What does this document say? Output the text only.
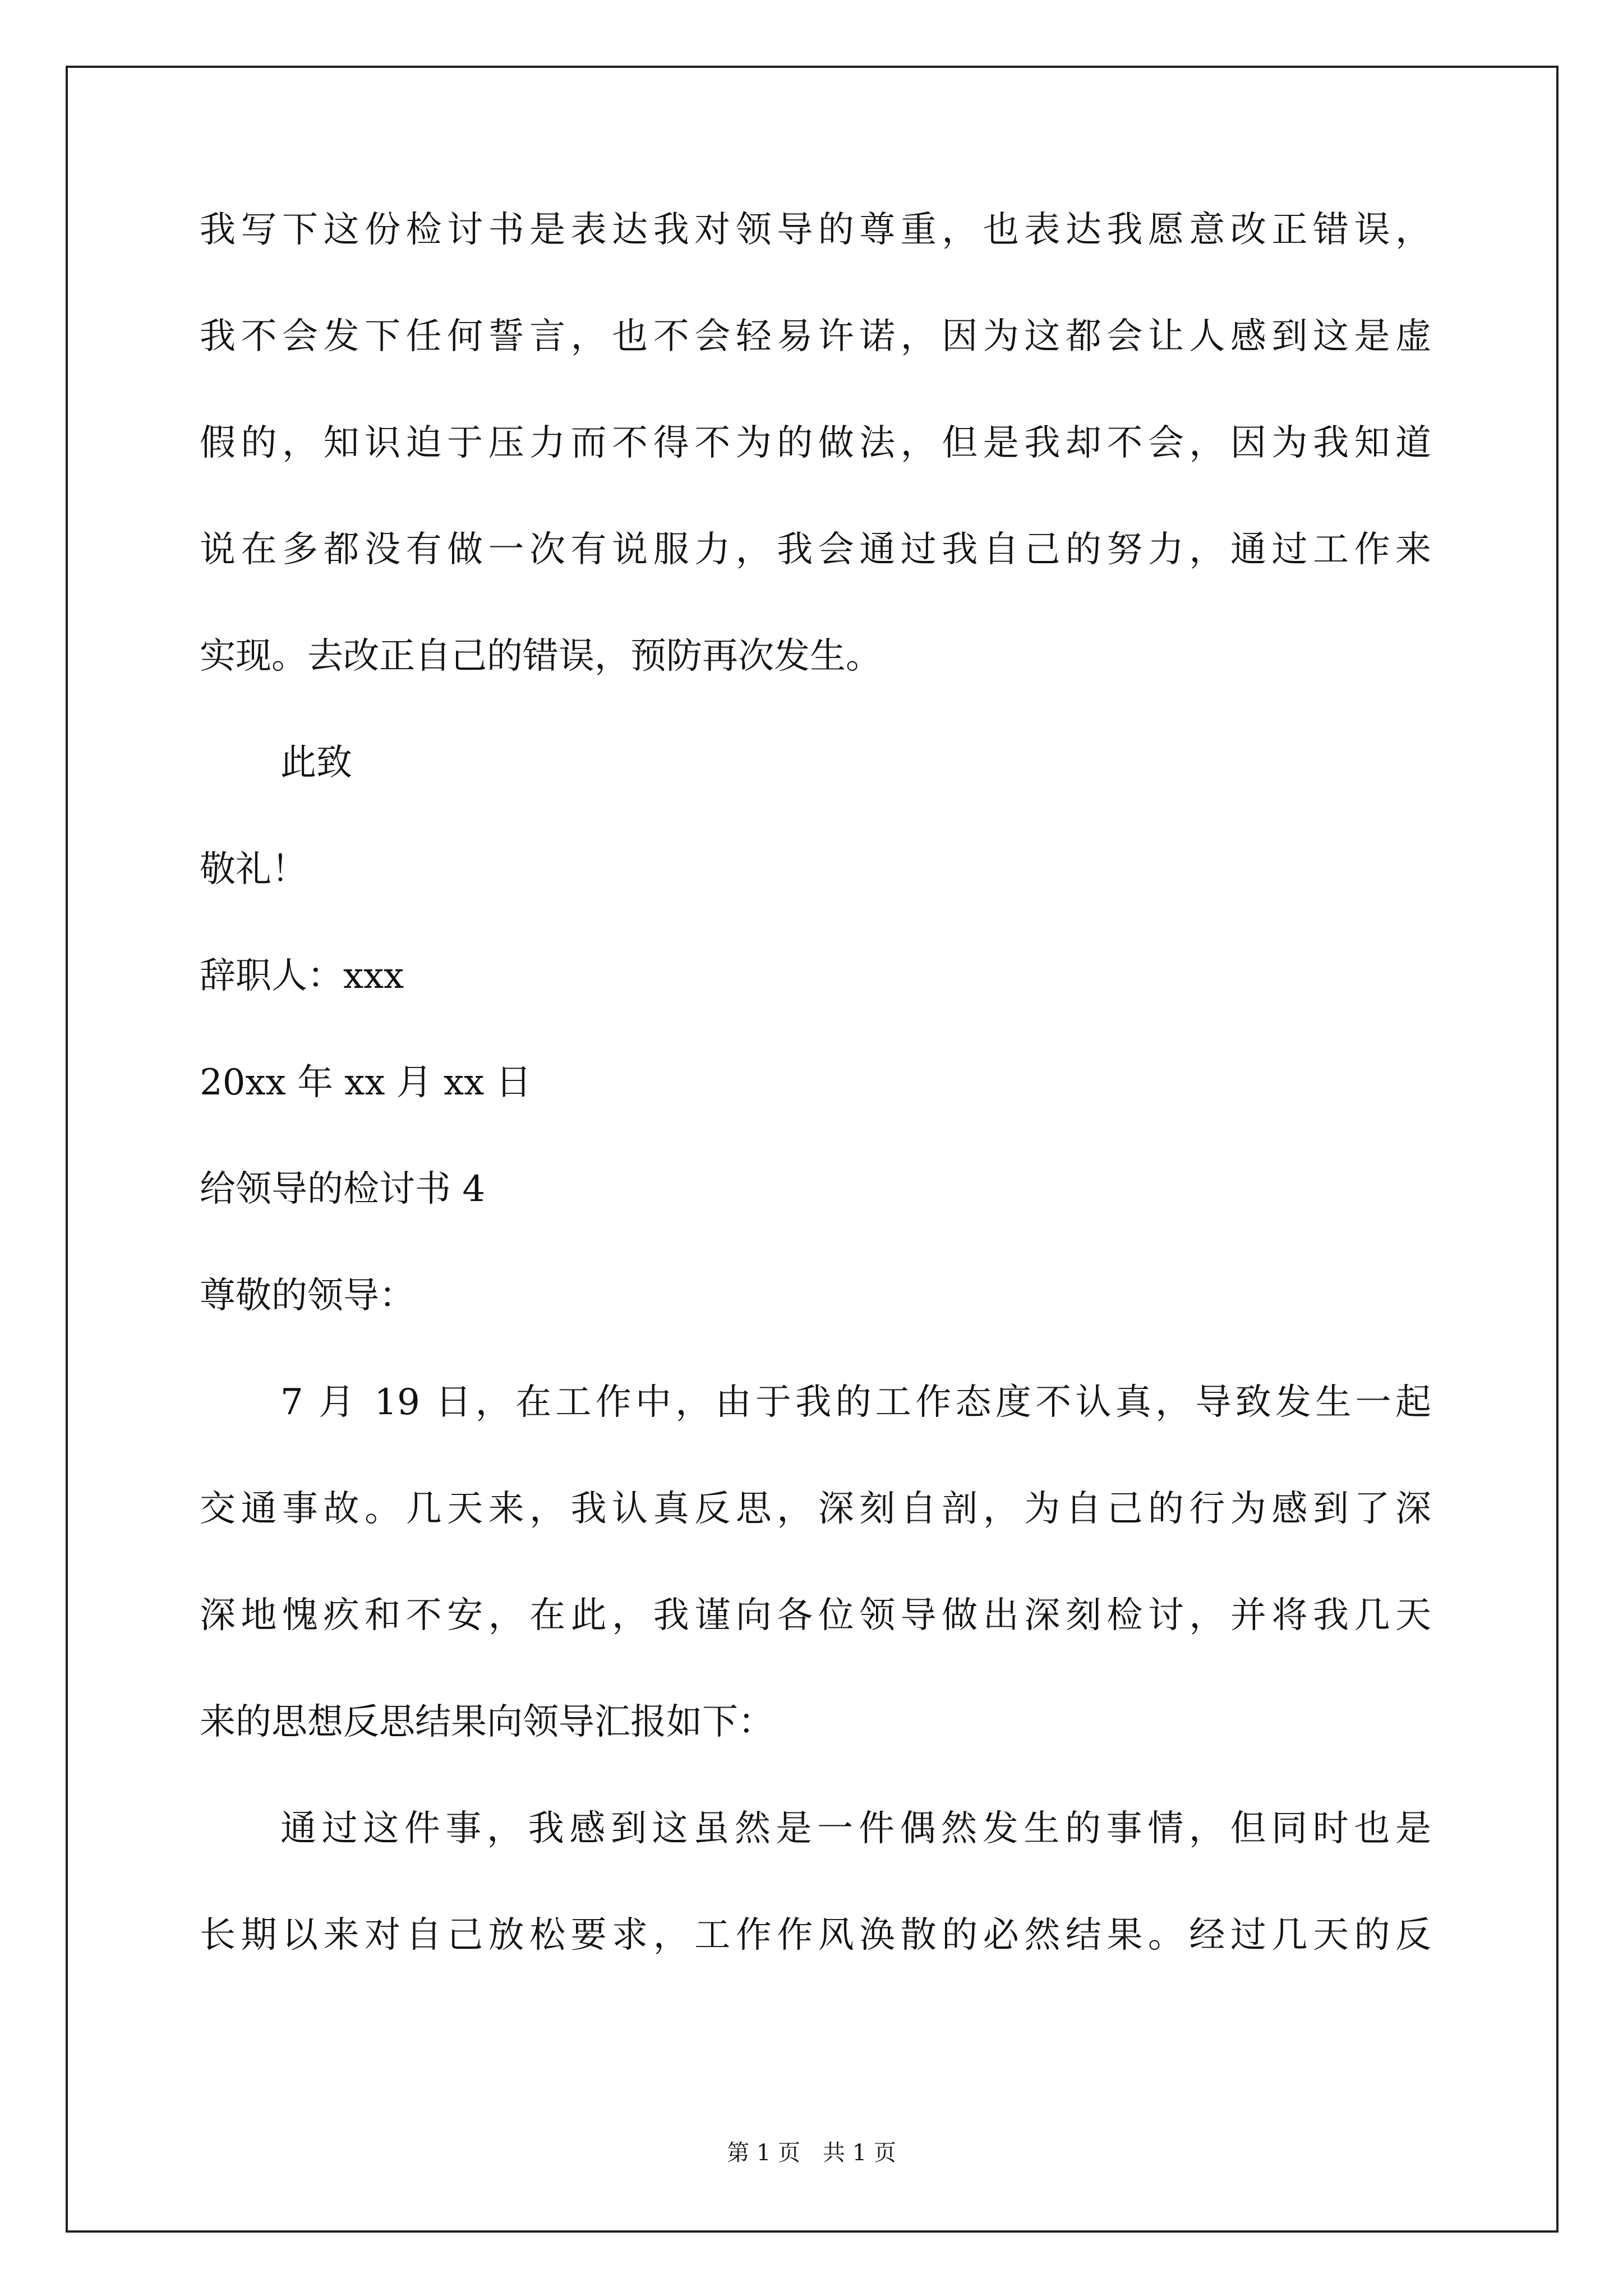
我写下这份检讨书是表达我对领导的尊重，也表达我愿意改正错误，
我不会发下任何誓言，也不会轻易许诺，因为这都会让人感到这是虚
假的，知识迫于压力而不得不为的做法，但是我却不会，因为我知道
说在多都没有做一次有说服力，我会通过我自己的努力，通过工作来
实现。去改正自己的错误，预防再次发生。
此致
敬礼！
辞职人：xxx
20xx 年 xx 月 xx 日
给领导的检讨书 4
尊敬的领导：
7 月 19 日，在工作中，由于我的工作态度不认真，导致发生一起
交通事故。几天来，我认真反思，深刻自剖，为自己的行为感到了深
深地愧疚和不安，在此，我谨向各位领导做出深刻检讨，并将我几天
来的思想反思结果向领导汇报如下：
通过这件事，我感到这虽然是一件偶然发生的事情，但同时也是
长期以来对自己放松要求，工作作风涣散的必然结果。经过几天的反
第 1 页 共 1 页
